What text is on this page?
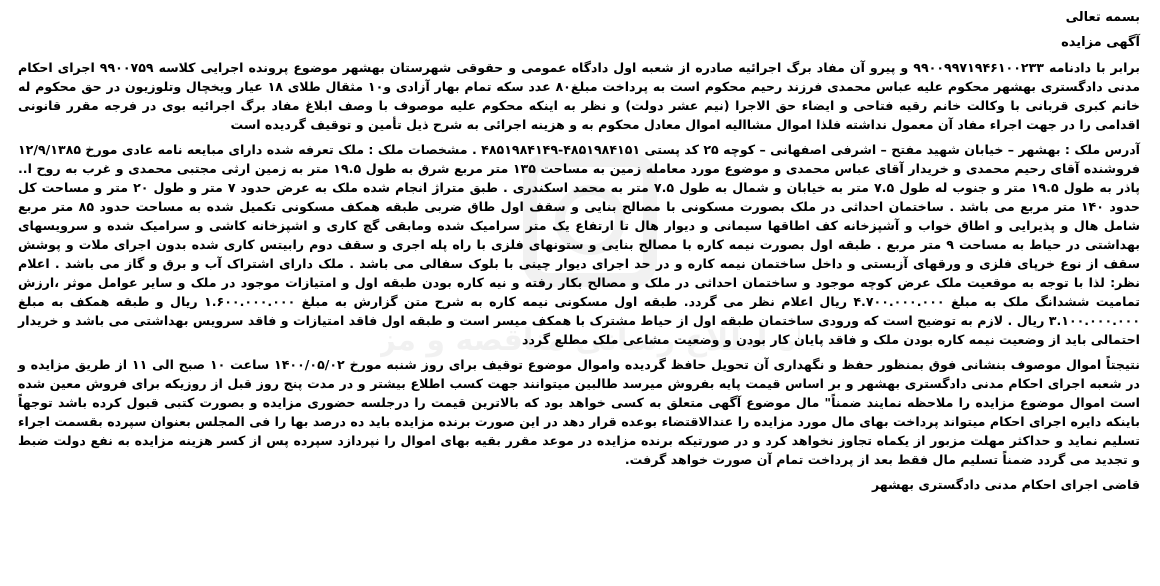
ه اطلاع رسانی مناقصه و مز

بسمه تعالی

آگهی مزایده

برابر با دادنامه ۹۹۰۰۹۹۷۱۹۴۶۱۰۰۲۳۳ و پیرو آن مفاد برگ اجرائیه صادره از شعبه اول دادگاه عمومی و حقوقی شهرستان بهشهر موضوع پرونده اجرایی کلاسه ۹۹۰۰۷۵۹ اجرای احکام مدنی دادگستری بهشهر محکوم علیه عباس محمدی فرزند رحیم محکوم است به پرداخت مبلغ۸۰ عدد سکه تمام بهار آزادی و۱۰ مثقال طلای ۱۸ عیار ویخچال وتلوزیون در حق محکوم له خانم کبری قربانی با وکالت خانم رقیه فتاحی و ایضاء حق الاجرا (نیم عشر دولت) و نظر به اینکه محکوم علیه موصوف با وصف ابلاغ مفاد برگ اجرائیه بوی در فرجه مقرر قانونی اقدامی را در جهت اجراء مفاد آن معمول نداشته فلذا اموال مشاالیه اموال معادل محکوم به و هزینه اجرائی به شرح ذیل تأمین و توقیف گردیده است

آدرس ملک : بهشهر – خیابان شهید مفتح – اشرفی اصفهانی – کوچه ۲۵ کد پستی ۴۸۵۱۹۸۴۱۵۱-۴۸۵۱۹۸۴۱۴۹ . مشخصات ملک : ملک تعرفه شده دارای مبایعه نامه عادی مورخ ۱۲/۹/۱۳۸۵ فروشنده آقای رحیم محمدی و خریدار آقای عباس محمدی و موضوع مورد معامله زمین به مساحت ۱۳۵ متر مربع شرق به طول ۱۹.۵ متر به زمین ارثی مجتبی محمدی و غرب به روح ا.. پاذر به طول ۱۹.۵ متر و جنوب له طول ۷.۵ متر به خیابان و شمال به طول ۷.۵ متر به محمد اسکندری . طبق متراژ انجام شده ملک به عرض حدود ۷ متر و طول ۲۰ متر و مساحت کل حدود ۱۴۰ متر مربع می باشد . ساختمان احداثی در ملک بصورت مسکونی با مصالح بنایی و سقف اول طاق ضربی طبقه همکف مسکونی تکمیل شده به مساحت حدود ۸۵ متر مربع شامل هال و پذیرایی و اطاق خواب و آشپزخانه کف اطاقها سیمانی و دیوار هال تا ارتفاع یک متر سرامیک شده ومابقی گچ کاری و اشپزخانه کاشی و سرامیک شده و سرویسهای بهداشتی در حیاط به مساحت ۹ متر مربع . طبقه اول بصورت نیمه کاره با مصالح بنایی و ستونهای فلزی با راه پله اجری و سقف دوم رابیتس کاری شده بدون اجرای ملات و پوشش سقف از نوع خرپای فلزی و ورقهای آزبستی و داخل ساختمان نیمه کاره و در حد اجرای دیوار چینی با بلوک سفالی می باشد . ملک دارای اشتراک آب و برق و گاز می باشد . اعلام نظر: لذا با توجه به موقعیت ملک عرض کوچه موجود و ساختمان احداثی در ملک و مصالح بکار رفته و نیه کاره بودن طبقه اول و امتیازات موجود در ملک و سایر عوامل موثر ،ارزش تمامیت ششدانگ ملک به مبلغ ۴.۷۰۰.۰۰۰.۰۰۰ ریال اعلام نظر می گردد. طبقه اول مسکونی نیمه کاره به شرح متن گزارش به مبلغ ۱.۶۰۰.۰۰۰.۰۰۰ ریال و طبقه همکف به مبلغ ۳.۱۰۰.۰۰۰.۰۰۰ ریال . لازم به توضیح است که ورودی ساختمان طبقه اول از حیاط مشترک با همکف میسر است و طبقه اول فاقد امتیازات و فاقد سرویس بهداشتی می باشد و خریدار احتمالی باید از وضعیت نیمه کاره بودن ملک و فاقد پایان کار بودن و وضعیت مشاعی ملک مطلع گردد

نتیجتاً اموال موصوف بنشانی فوق بمنظور حفظ و نگهداری آن تحویل حافظ گردیده واموال موضوع توقیف برای روز شنبه مورخ ۱۴۰۰/۰۵/۰۲ ساعت ۱۰ صبح الی ۱۱ از طریق مزایده و در شعبه اجرای احکام مدنی دادگستری بهشهر و بر اساس قیمت پایه بفروش میرسد طالبین میتوانند جهت کسب اطلاع بیشتر و در مدت پنج روز قبل از روزیکه برای فروش معین شده است اموال موضوع مزایده را ملاحظه نمایند ضمناً" مال موضوع آگهی متعلق به کسی خواهد بود که بالاترین قیمت را درجلسه حضوری مزایده و بصورت کتبی قبول کرده باشد توجهاً باینکه دایره اجرای احکام میتواند پرداخت بهای مال مورد مزایده را عندالاقتضاء بوعده قرار دهد در این صورت برنده مزایده باید ده درصد بها را فی المجلس بعنوان سپرده بقسمت اجراء تسلیم نماید و حداکثر مهلت مزبور از یکماه تجاوز نخواهد کرد و در صورتیکه برنده مزایده در موعد مقرر بقیه بهای اموال را نپردازد سپرده پس از کسر هزینه مزایده به نفع دولت ضبط و تجدید می گردد ضمناً تسلیم مال فقط بعد از پرداخت تمام آن صورت خواهد گرفت.

قاضی اجرای احکام مدنی دادگستری بهشهر
